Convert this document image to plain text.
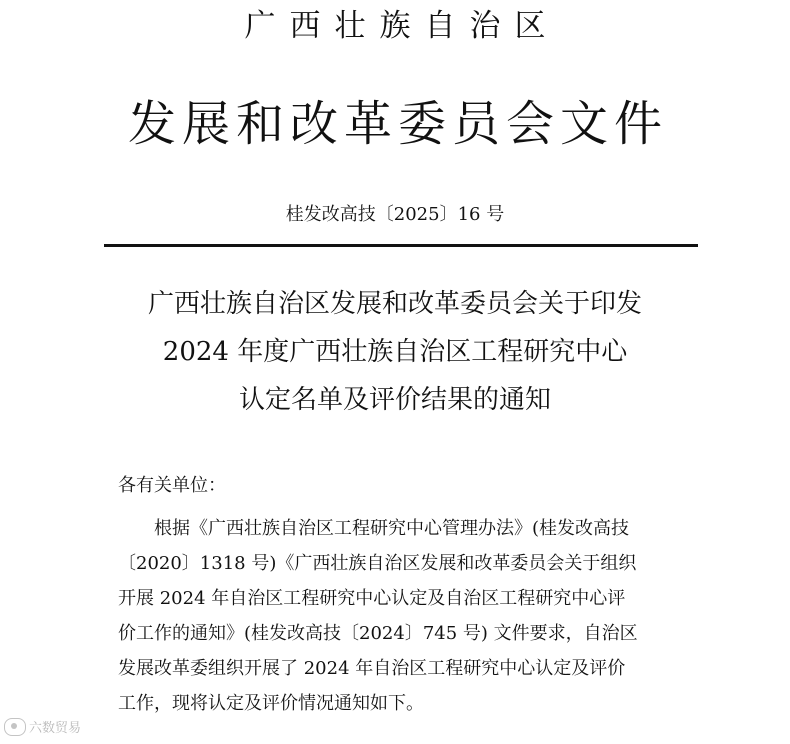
广西壮族自治区
发展和改革委员会文件
桂发改高技〔2025〕16 号
广西壮族自治区发展和改革委员会关于印发
2024 年度广西壮族自治区工程研究中心
认定名单及评价结果的通知
各有关单位：
　　根据《广西壮族自治区工程研究中心管理办法》(桂发改高技
〔2020〕1318 号)《广西壮族自治区发展和改革委员会关于组织
开展 2024 年自治区工程研究中心认定及自治区工程研究中心评
价工作的通知》(桂发改高技〔2024〕745 号) 文件要求，自治区
发展改革委组织开展了 2024 年自治区工程研究中心认定及评价
工作，现将认定及评价情况通知如下。
六数贸易
